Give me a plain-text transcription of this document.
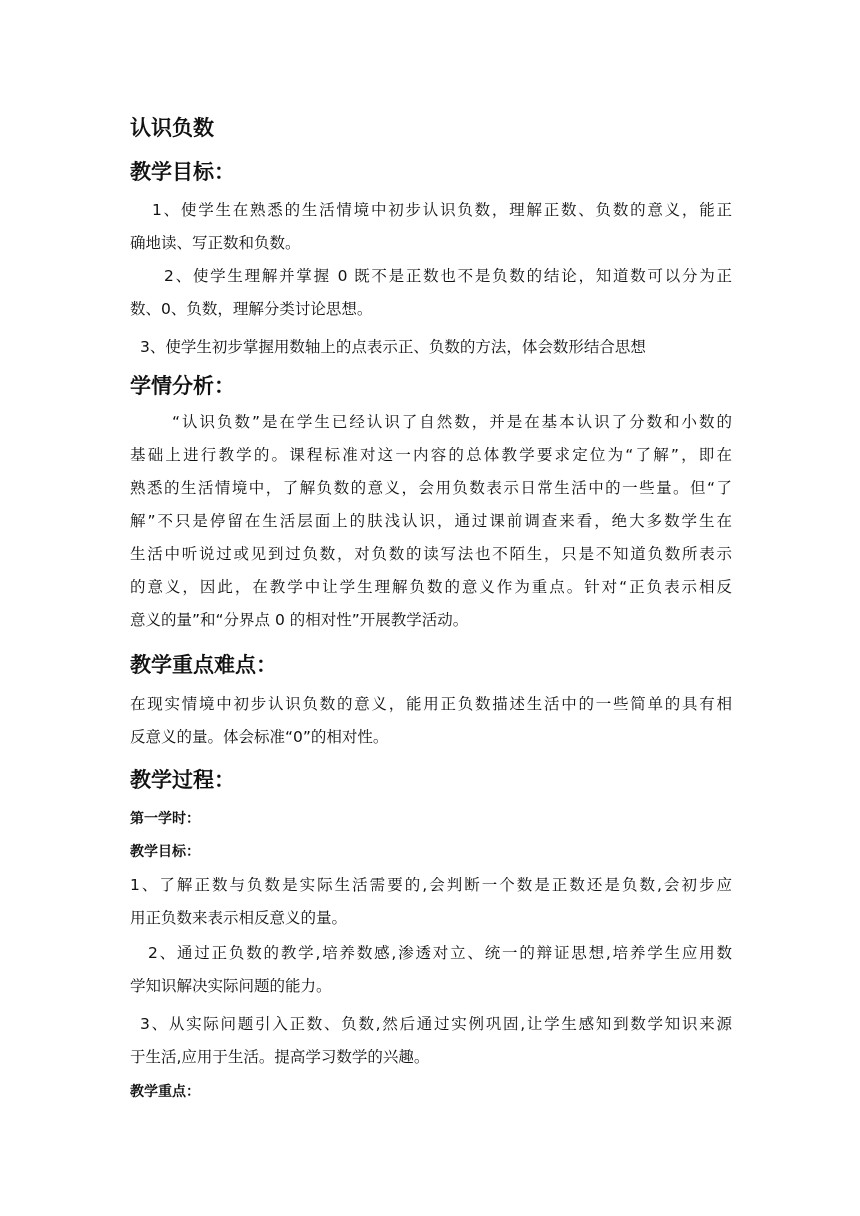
认识负数
教学目标：
1、使学生在熟悉的生活情境中初步认识负数，理解正数、负数的意义，能正
确地读、写正数和负数。
2、使学生理解并掌握 0 既不是正数也不是负数的结论，知道数可以分为正
数、0、负数，理解分类讨论思想。
3、使学生初步掌握用数轴上的点表示正、负数的方法，体会数形结合思想
学情分析：
“认识负数”是在学生已经认识了自然数，并是在基本认识了分数和小数的
基础上进行教学的。课程标准对这一内容的总体教学要求定位为“了解”，即在
熟悉的生活情境中，了解负数的意义，会用负数表示日常生活中的一些量。但“了
解”不只是停留在生活层面上的肤浅认识，通过课前调查来看，绝大多数学生在
生活中听说过或见到过负数，对负数的读写法也不陌生，只是不知道负数所表示
的意义，因此，在教学中让学生理解负数的意义作为重点。针对“正负表示相反
意义的量”和“分界点 0 的相对性”开展教学活动。
教学重点难点：
在现实情境中初步认识负数的意义，能用正负数描述生活中的一些简单的具有相
反意义的量。体会标准“0”的相对性。
教学过程：
第一学时：
教学目标：
1、了解正数与负数是实际生活需要的,会判断一个数是正数还是负数,会初步应
用正负数来表示相反意义的量。
2、通过正负数的教学,培养数感,渗透对立、统一的辩证思想,培养学生应用数
学知识解决实际问题的能力。
3、从实际问题引入正数、负数,然后通过实例巩固,让学生感知到数学知识来源
于生活,应用于生活。提高学习数学的兴趣。
教学重点：
